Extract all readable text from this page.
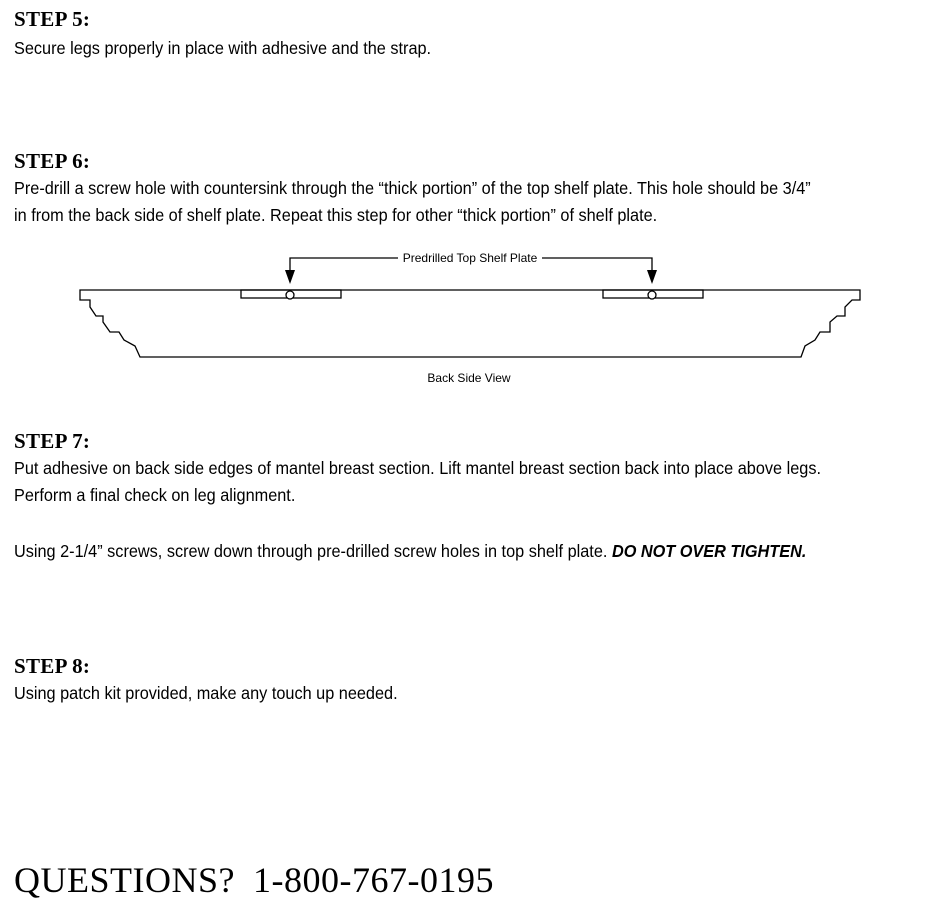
STEP 5:

Secure legs properly in place with adhesive and the strap.

STEP 6:

Pre-drill a screw hole with countersink through the “thick portion” of the top shelf plate. This hole should be 3/4”

in from the back side of shelf plate. Repeat this step for other “thick portion” of shelf plate.

Predrilled Top Shelf Plate
Back Side View
STEP 7:

Put adhesive on back side edges of mantel breast section. Lift mantel breast section back into place above legs.

Perform a final check on leg alignment.

Using 2-1/4” screws, screw down through pre-drilled screw holes in top shelf plate. DO NOT OVER TIGHTEN.

STEP 8:

Using patch kit provided, make any touch up needed.

QUESTIONS? 1-800-767-0195
